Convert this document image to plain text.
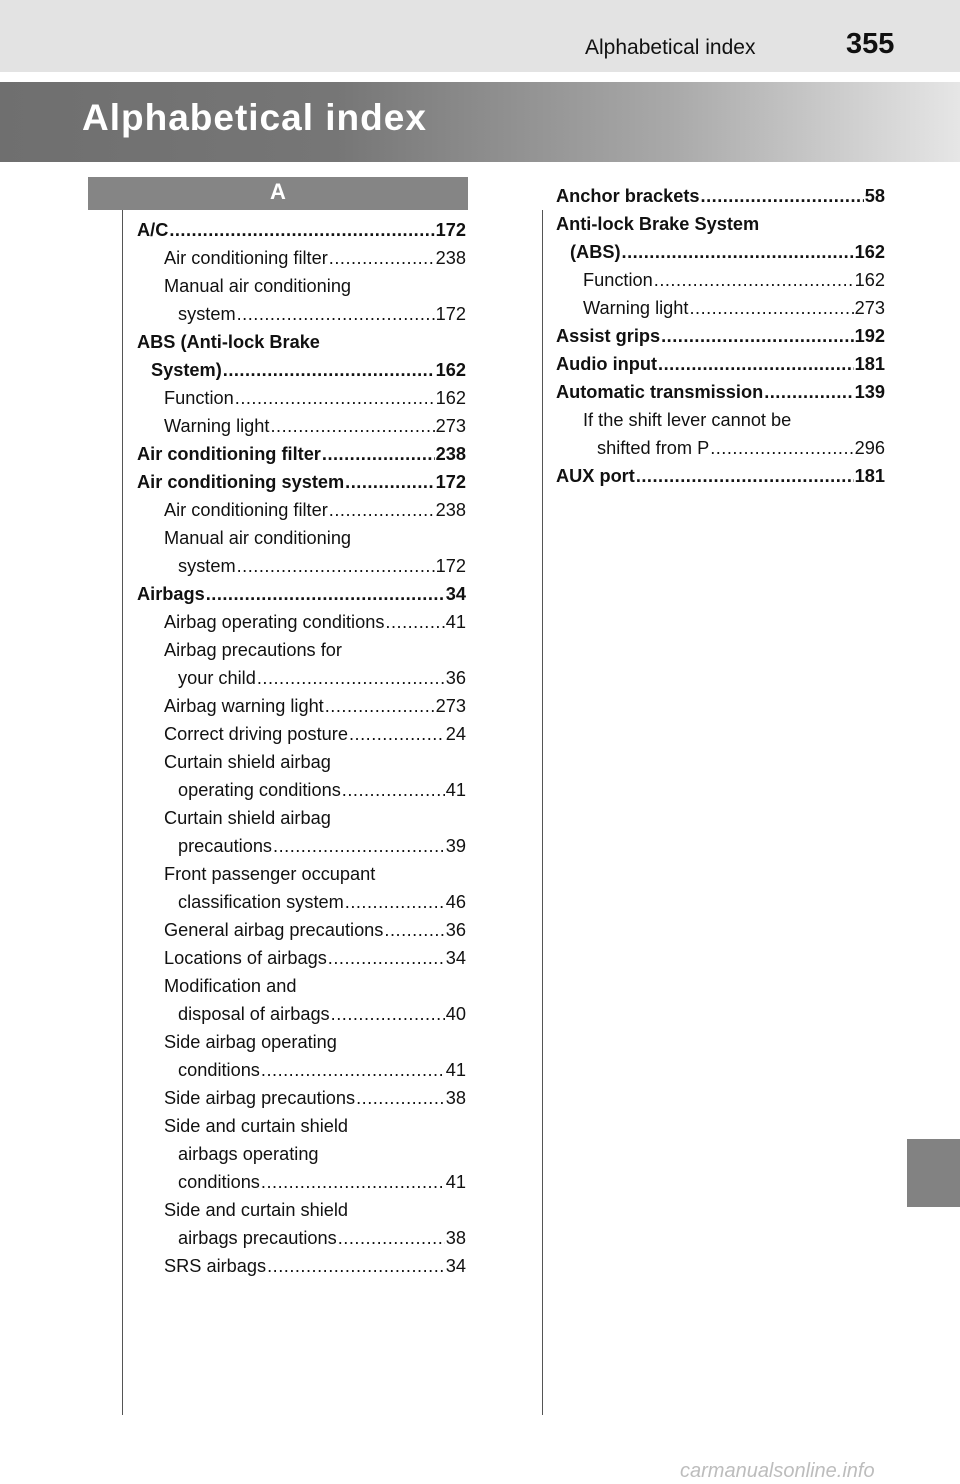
Alphabetical index	355
Alphabetical index
A
A/C .....	172
Air conditioning filter .....	238
Manual air conditioning
system .....	172
ABS (Anti-lock Brake
System) .....	162
Function .....	162
Warning light .....	273
Air conditioning filter .....	238
Air conditioning system .....	172
Air conditioning filter .....	238
Manual air conditioning
system .....	172
Airbags .....	34
Airbag operating conditions .....	41
Airbag precautions for
your child .....	36
Airbag warning light .....	273
Correct driving posture .....	24
Curtain shield airbag
operating conditions .....	41
Curtain shield airbag
precautions .....	39
Front passenger occupant
classification system .....	46
General airbag precautions .....	36
Locations of airbags .....	34
Modification and
disposal of airbags .....	40
Side airbag operating
conditions .....	41
Side airbag precautions .....	38
Side and curtain shield
airbags operating
conditions .....	41
Side and curtain shield
airbags precautions .....	38
SRS airbags .....	34
Anchor brackets .....	58
Anti-lock Brake System
(ABS) .....	162
Function .....	162
Warning light .....	273
Assist grips .....	192
Audio input .....	181
Automatic transmission .....	139
If the shift lever cannot be
shifted from P .....	296
AUX port .....	181
carmanualsonline.info
